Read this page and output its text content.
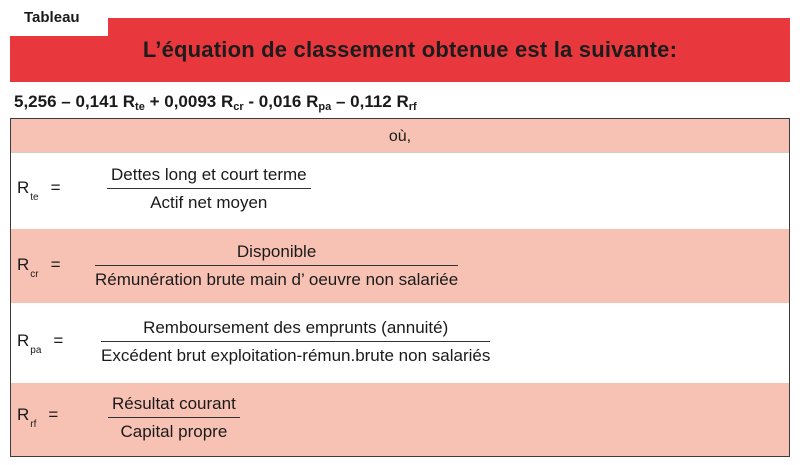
Tableau
L’équation de classement obtenue est la suivante:
5,256 – 0,141 $R_{te} + 0,0093$ $R_{cr} - 0,016$ $R_{pa} - 0,112$ $R_{rf}$
où,
$R_{te}=$
Dettes long et court terme
Actif net moyen
$R_{cr}=$
Disponible
Rémunération brute main d’ oeuvre non salariée
$R_{pa}=$
Remboursement des emprunts (annuité)
Excédent brut exploitation-rémun.brute non salariés
$R_{rf}=$
Résultat courant
Capital propre
